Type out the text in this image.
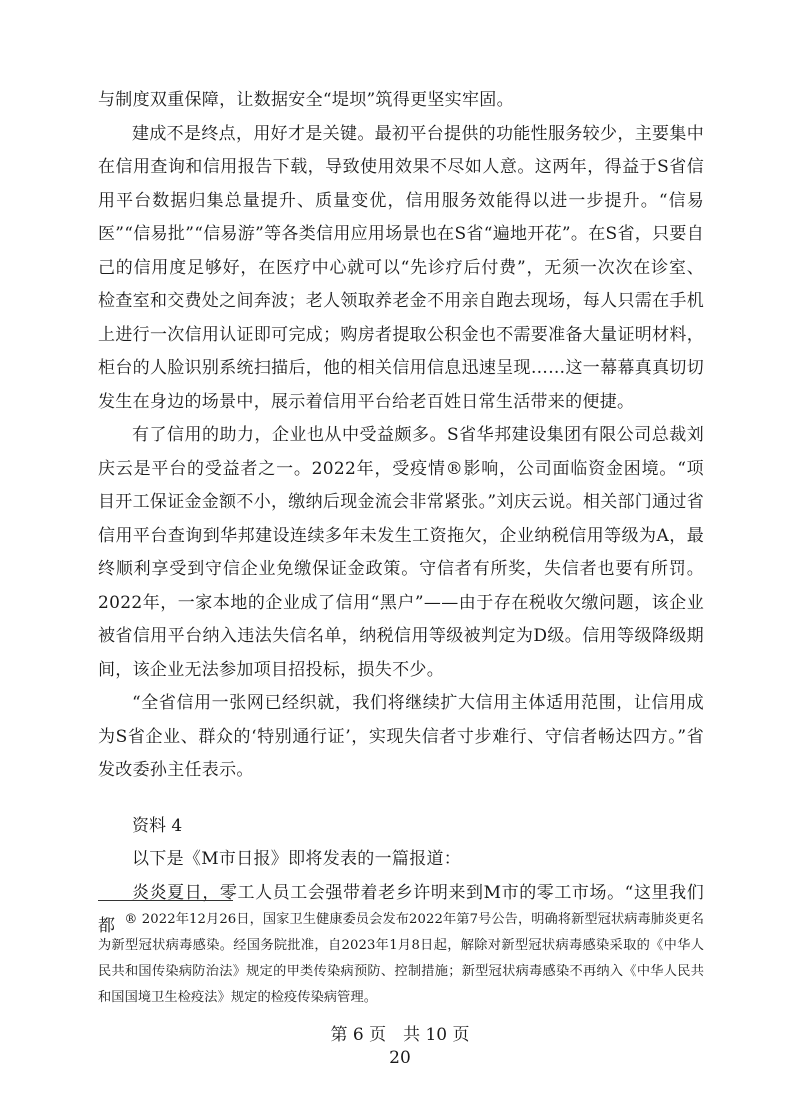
与制度双重保障，让数据安全“堤坝”筑得更坚实牢固。

建成不是终点，用好才是关键。最初平台提供的功能性服务较少，主要集中在信用查询和信用报告下载，导致使用效果不尽如人意。这两年，得益于S省信用平台数据归集总量提升、质量变优，信用服务效能得以进一步提升。“信易医”“信易批”“信易游”等各类信用应用场景也在S省“遍地开花”。在S省，只要自己的信用度足够好，在医疗中心就可以“先诊疗后付费”，无须一次次在诊室、检查室和交费处之间奔波；老人领取养老金不用亲自跑去现场，每人只需在手机上进行一次信用认证即可完成；购房者提取公积金也不需要准备大量证明材料，柜台的人脸识别系统扫描后，他的相关信用信息迅速呈现……这一幕幕真真切切发生在身边的场景中，展示着信用平台给老百姓日常生活带来的便捷。

有了信用的助力，企业也从中受益颇多。S省华邦建设集团有限公司总裁刘庆云是平台的受益者之一。2022年，受疫情®影响，公司面临资金困境。“项目开工保证金金额不小，缴纳后现金流会非常紧张。”刘庆云说。相关部门通过省信用平台查询到华邦建设连续多年未发生工资拖欠，企业纳税信用等级为A，最终顺利享受到守信企业免缴保证金政策。守信者有所奖，失信者也要有所罚。2022年，一家本地的企业成了信用“黑户”——由于存在税收欠缴问题，该企业被省信用平台纳入违法失信名单，纳税信用等级被判定为D级。信用等级降级期间，该企业无法参加项目招投标，损失不少。

“全省信用一张网已经织就，我们将继续扩大信用主体适用范围，让信用成为S省企业、群众的‘特别通行证’，实现失信者寸步难行、守信者畅达四方。”省发改委孙主任表示。

资料 4

以下是《M市日报》即将发表的一篇报道：

炎炎夏日，零工人员工会强带着老乡许明来到M市的零工市场。“这里我们都 ® 2022年12月26日，国家卫生健康委员会发布2022年第7号公告，明确将新型冠状病毒肺炎更名为新型冠状病毒感染。经国务院批准，自2023年1月8日起，解除对新型冠状病毒感染采取的《中华人民共和国传染病防治法》规定的甲类传染病预防、控制措施；新型冠状病毒感染不再纳入《中华人民共和国国境卫生检疫法》规定的检疫传染病管理。

第 6 页　共 10 页
20
